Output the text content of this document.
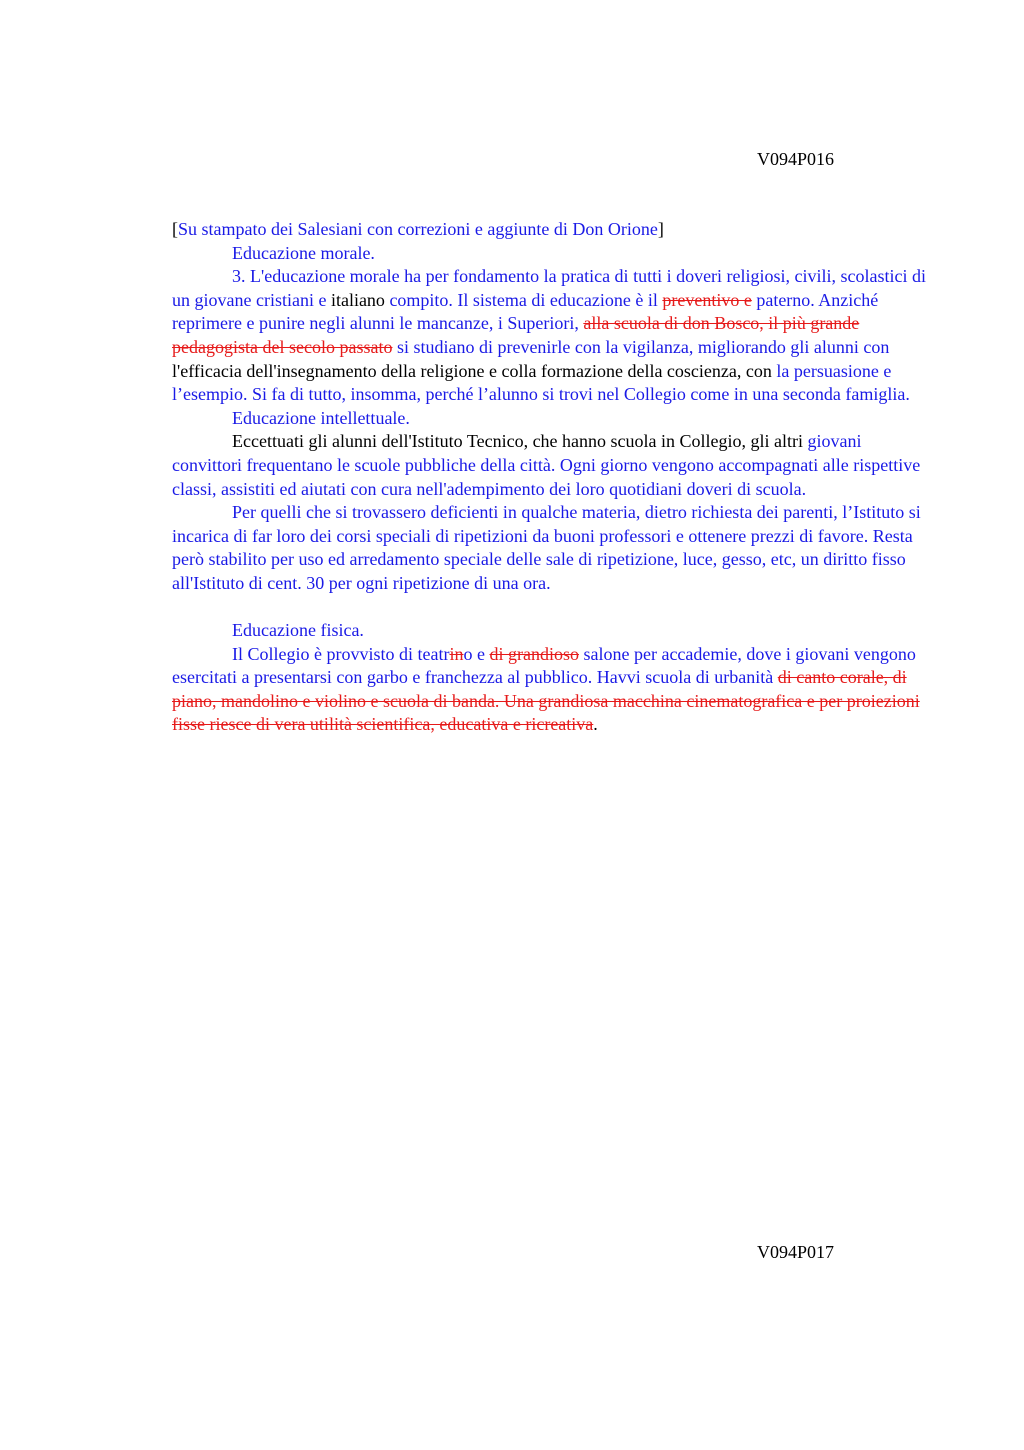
V094P016

[Su stampato dei Salesiani con correzioni e aggiunte di Don Orione]

Educazione morale.

3. L'educazione morale ha per fondamento la pratica di tutti i doveri religiosi, civili, scolastici di un giovane cristiani e italiano compito. Il sistema di educazione è il preventivo e paterno. Anziché reprimere e punire negli alunni le mancanze, i Superiori, alla scuola di don Bosco, il più grande pedagogista del secolo passato si studiano di prevenirle con la vigilanza, migliorando gli alunni con l'efficacia dell'insegnamento della religione e colla formazione della coscienza, con la persuasione e l’esempio. Si fa di tutto, insomma, perché l’alunno si trovi nel Collegio come in una seconda famiglia.

Educazione intellettuale.

Eccettuati gli alunni dell'Istituto Tecnico, che hanno scuola in Collegio, gli altri giovani convittori frequentano le scuole pubbliche della città. Ogni giorno vengono accompagnati alle rispettive classi, assistiti ed aiutati con cura nell'adempimento dei loro quotidiani doveri di scuola.

Per quelli che si trovassero deficienti in qualche materia, dietro richiesta dei parenti, l’Istituto si incarica di far loro dei corsi speciali di ripetizioni da buoni professori e ottenere prezzi di favore. Resta però stabilito per uso ed arredamento speciale delle sale di ripetizione, luce, gesso, etc, un diritto fisso all'Istituto di cent. 30 per ogni ripetizione di una ora.

Educazione fisica.

Il Collegio è provvisto di teatrino e di grandioso salone per accademie, dove i giovani vengono esercitati a presentarsi con garbo e franchezza al pubblico. Havvi scuola di urbanità di canto corale, di piano, mandolino e violino e scuola di banda. Una grandiosa macchina cinematografica e per proiezioni fisse riesce di vera utilità scientifica, educativa e ricreativa.

V094P017
